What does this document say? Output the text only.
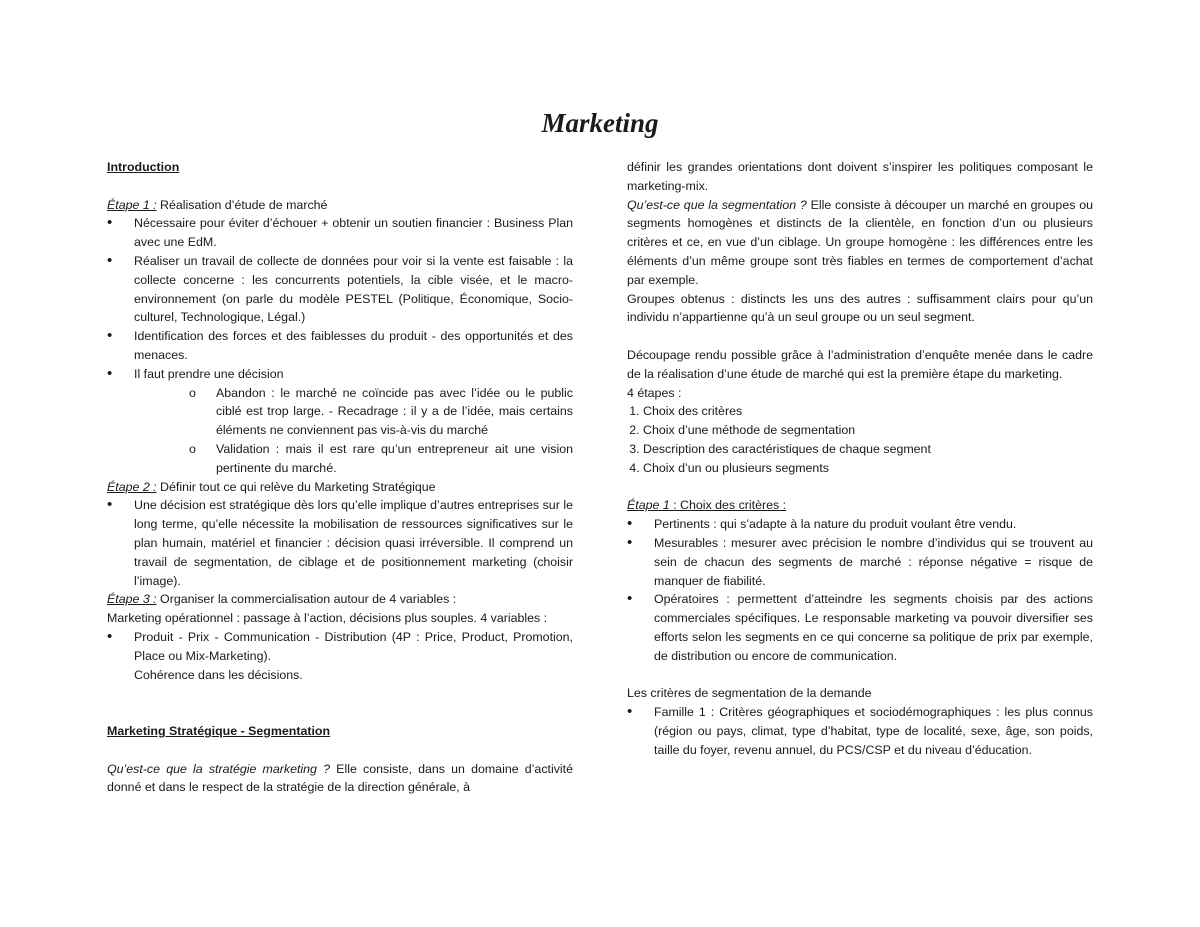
Marketing

Introduction

Étape 1 : Réalisation d’étude de marché

• Nécessaire pour éviter d’échouer + obtenir un soutien financier : Business Plan avec une EdM.
• Réaliser un travail de collecte de données pour voir si la vente est faisable : la collecte concerne : les concurrents potentiels, la cible visée, et le macro-environnement (on parle du modèle PESTEL (Politique, Économique, Socio-culturel, Technologique, Légal.)
• Identification des forces et des faiblesses du produit - des opportunités et des menaces.
• Il faut prendre une décision
o Abandon : le marché ne coïncide pas avec l’idée ou le public ciblé est trop large. - Recadrage : il y a de l’idée, mais certains éléments ne conviennent pas vis-à-vis du marché
o Validation : mais il est rare qu’un entrepreneur ait une vision pertinente du marché.

Étape 2 : Définir tout ce qui relève du Marketing Stratégique

• Une décision est stratégique dès lors qu’elle implique d’autres entreprises sur le long terme, qu’elle nécessite la mobilisation de ressources significatives sur le plan humain, matériel et financier : décision quasi irréversible. Il comprend un travail de segmentation, de ciblage et de positionnement marketing (choisir l’image).

Étape 3 : Organiser la commercialisation autour de 4 variables :

Marketing opérationnel : passage à l’action, décisions plus souples. 4 variables :

• Produit - Prix - Communication - Distribution (4P : Price, Product, Promotion, Place ou Mix-Marketing).

Cohérence dans les décisions.

Marketing Stratégique - Segmentation

Qu’est-ce que la stratégie marketing ? Elle consiste, dans un domaine d’activité donné et dans le respect de la stratégie de la direction générale, à

définir les grandes orientations dont doivent s’inspirer les politiques composant le marketing-mix.

Qu’est-ce que la segmentation ? Elle consiste à découper un marché en groupes ou segments homogènes et distincts de la clientèle, en fonction d’un ou plusieurs critères et ce, en vue d’un ciblage. Un groupe homogène : les différences entre les éléments d’un même groupe sont très fiables en termes de comportement d’achat par exemple.

Groupes obtenus : distincts les uns des autres : suffisamment clairs pour qu’un individu n’appartienne qu’à un seul groupe ou un seul segment.

Découpage rendu possible grâce à l’administration d’enquête menée dans le cadre de la réalisation d’une étude de marché qui est la première étape du marketing.

4 étapes :

1. Choix des critères
2. Choix d’une méthode de segmentation
3. Description des caractéristiques de chaque segment
4. Choix d’un ou plusieurs segments

Étape 1 : Choix des critères :

• Pertinents : qui s’adapte à la nature du produit voulant être vendu.
• Mesurables : mesurer avec précision le nombre d’individus qui se trouvent au sein de chacun des segments de marché : réponse négative = risque de manquer de fiabilité.
• Opératoires : permettent d’atteindre les segments choisis par des actions commerciales spécifiques. Le responsable marketing va pouvoir diversifier ses efforts selon les segments en ce qui concerne sa politique de prix par exemple, de distribution ou encore de communication.

Les critères de segmentation de la demande

• Famille 1 : Critères géographiques et sociodémographiques : les plus connus (région ou pays, climat, type d’habitat, type de localité, sexe, âge, son poids, taille du foyer, revenu annuel, du PCS/CSP et du niveau d’éducation.
